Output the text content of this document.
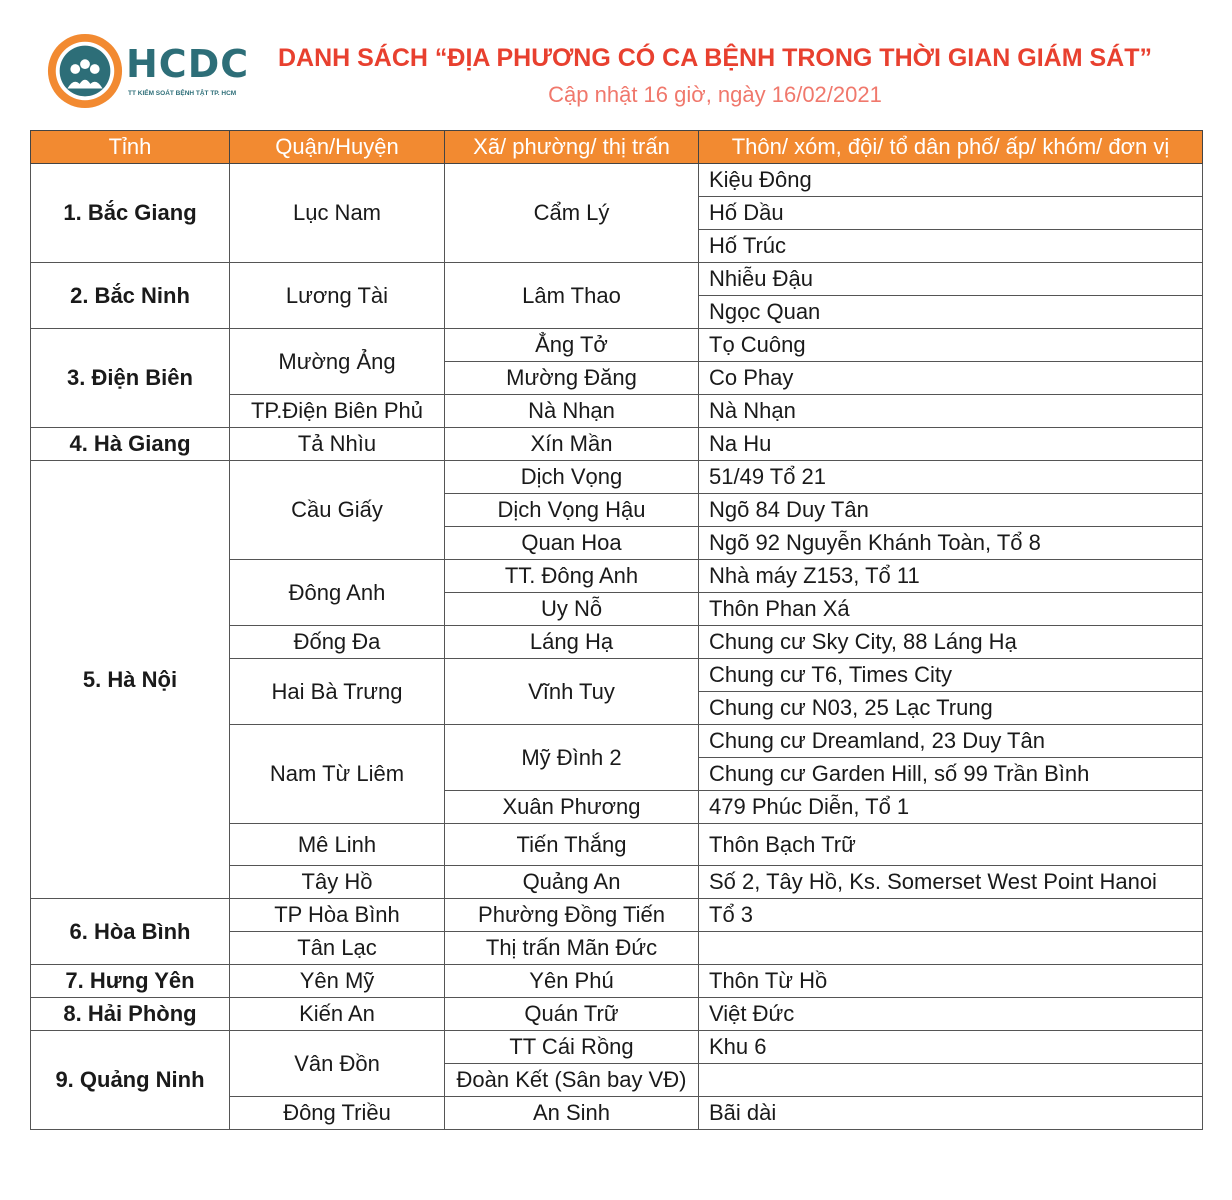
HCDC
TT KIỂM SOÁT BỆNH TẬT TP. HCM
DANH SÁCH “ĐỊA PHƯƠNG CÓ CA BỆNH TRONG THỜI GIAN GIÁM SÁT”
Cập nhật 16 giờ, ngày 16/02/2021
Tỉnh	Quận/Huyện	Xã/ phường/ thị trấn	Thôn/ xóm, đội/ tổ dân phố/ ấp/ khóm/ đơn vị
1. Bắc Giang	Lục Nam	Cẩm Lý	Kiệu Đông
			Hố Dầu
			Hố Trúc
2. Bắc Ninh	Lương Tài	Lâm Thao	Nhiễu Đậu
			Ngọc Quan
3. Điện Biên	Mường Ảng	Ẳng Tở	Tọ Cuông
		Mường Đăng	Co Phay
	TP.Điện Biên Phủ	Nà Nhạn	Nà Nhạn
4. Hà Giang	Tả Nhìu	Xín Mần	Na Hu
5. Hà Nội	Cầu Giấy	Dịch Vọng	51/49 Tổ 21
		Dịch Vọng Hậu	Ngõ 84 Duy Tân
		Quan Hoa	Ngõ 92 Nguyễn Khánh Toàn, Tổ 8
	Đông Anh	TT. Đông Anh	Nhà máy Z153, Tổ 11
		Uy Nỗ	Thôn Phan Xá
	Đống Đa	Láng Hạ	Chung cư Sky City, 88 Láng Hạ
	Hai Bà Trưng	Vĩnh Tuy	Chung cư T6, Times City
			Chung cư N03, 25 Lạc Trung
	Nam Từ Liêm	Mỹ Đình 2	Chung cư Dreamland, 23 Duy Tân
			Chung cư Garden Hill, số 99 Trần Bình
		Xuân Phương	479 Phúc Diễn, Tổ 1
	Mê Linh	Tiến Thắng	Thôn Bạch Trữ
	Tây Hồ	Quảng An	Số 2, Tây Hồ, Ks. Somerset West Point Hanoi
6. Hòa Bình	TP Hòa Bình	Phường Đồng Tiến	Tổ 3
	Tân Lạc	Thị trấn Mãn Đức	
7. Hưng Yên	Yên Mỹ	Yên Phú	Thôn Từ Hồ
8. Hải Phòng	Kiến An	Quán Trữ	Việt Đức
9. Quảng Ninh	Vân Đồn	TT Cái Rồng	Khu 6
		Đoàn Kết (Sân bay VĐ)	
	Đông Triều	An Sinh	Bãi dài
